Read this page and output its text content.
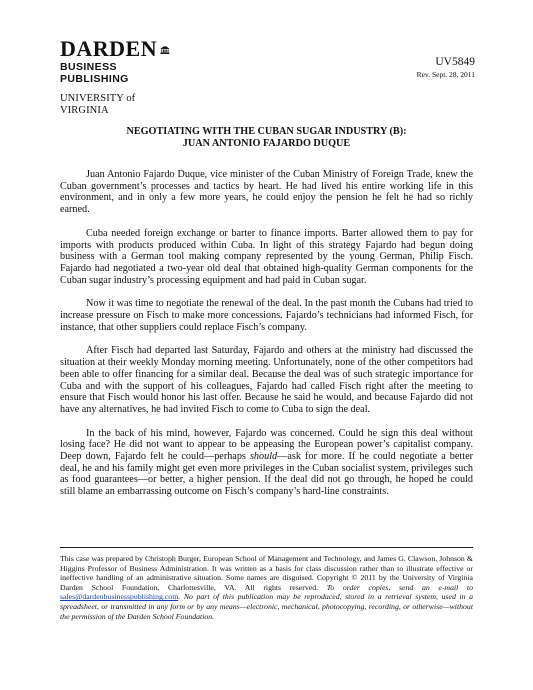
DARDEN
BUSINESS PUBLISHING
UNIVERSITY of VIRGINIA
UV5849
Rev. Sept. 28, 2011
NEGOTIATING WITH THE CUBAN SUGAR INDUSTRY (B):
JUAN ANTONIO FAJARDO DUQUE

Juan Antonio Fajardo Duque, vice minister of the Cuban Ministry of Foreign Trade, knew the Cuban government’s processes and tactics by heart. He had lived his entire working life in this environment, and in only a few more years, he could enjoy the pension he felt he had so richly earned.

Cuba needed foreign exchange or barter to finance imports. Barter allowed them to pay for imports with products produced within Cuba. In light of this strategy Fajardo had begun doing business with a German tool making company represented by the young German, Philip Fisch. Fajardo had negotiated a two-year old deal that obtained high-quality German components for the Cuban sugar industry’s processing equipment and had paid in Cuban sugar.

Now it was time to negotiate the renewal of the deal. In the past month the Cubans had tried to increase pressure on Fisch to make more concessions. Fajardo’s technicians had informed Fisch, for instance, that other suppliers could replace Fisch’s company.

After Fisch had departed last Saturday, Fajardo and others at the ministry had discussed the situation at their weekly Monday morning meeting. Unfortunately, none of the other competitors had been able to offer financing for a similar deal. Because the deal was of such strategic importance for Cuba and with the support of his colleagues, Fajardo had called Fisch right after the meeting to ensure that Fisch would honor his last offer. Because he said he would, and because Fajardo did not have any alternatives, he had invited Fisch to come to Cuba to sign the deal.

In the back of his mind, however, Fajardo was concerned. Could he sign this deal without losing face? He did not want to appear to be appeasing the European power’s capitalist company. Deep down, Fajardo felt he could—perhaps should—ask for more. If he could negotiate a better deal, he and his family might get even more privileges in the Cuban socialist system, privileges such as food guarantees—or better, a higher pension. If the deal did not go through, he hoped he could still blame an embarrassing outcome on Fisch’s company’s hard-line constraints.

This case was prepared by Christoph Burger, European School of Management and Technology, and James G. Clawson, Johnson & Higgins Professor of Business Administration. It was written as a basis for class discussion rather than to illustrate effective or ineffective handling of an administrative situation. Some names are disguised. Copyright © 2011 by the University of Virginia Darden School Foundation, Charlottesville, VA. All rights reserved. To order copies, send an e-mail to sales@dardenbusinesspublishing.com. No part of this publication may be reproduced, stored in a retrieval system, used in a spreadsheet, or transmitted in any form or by any means—electronic, mechanical, photocopying, recording, or otherwise—without the permission of the Darden School Foundation.
